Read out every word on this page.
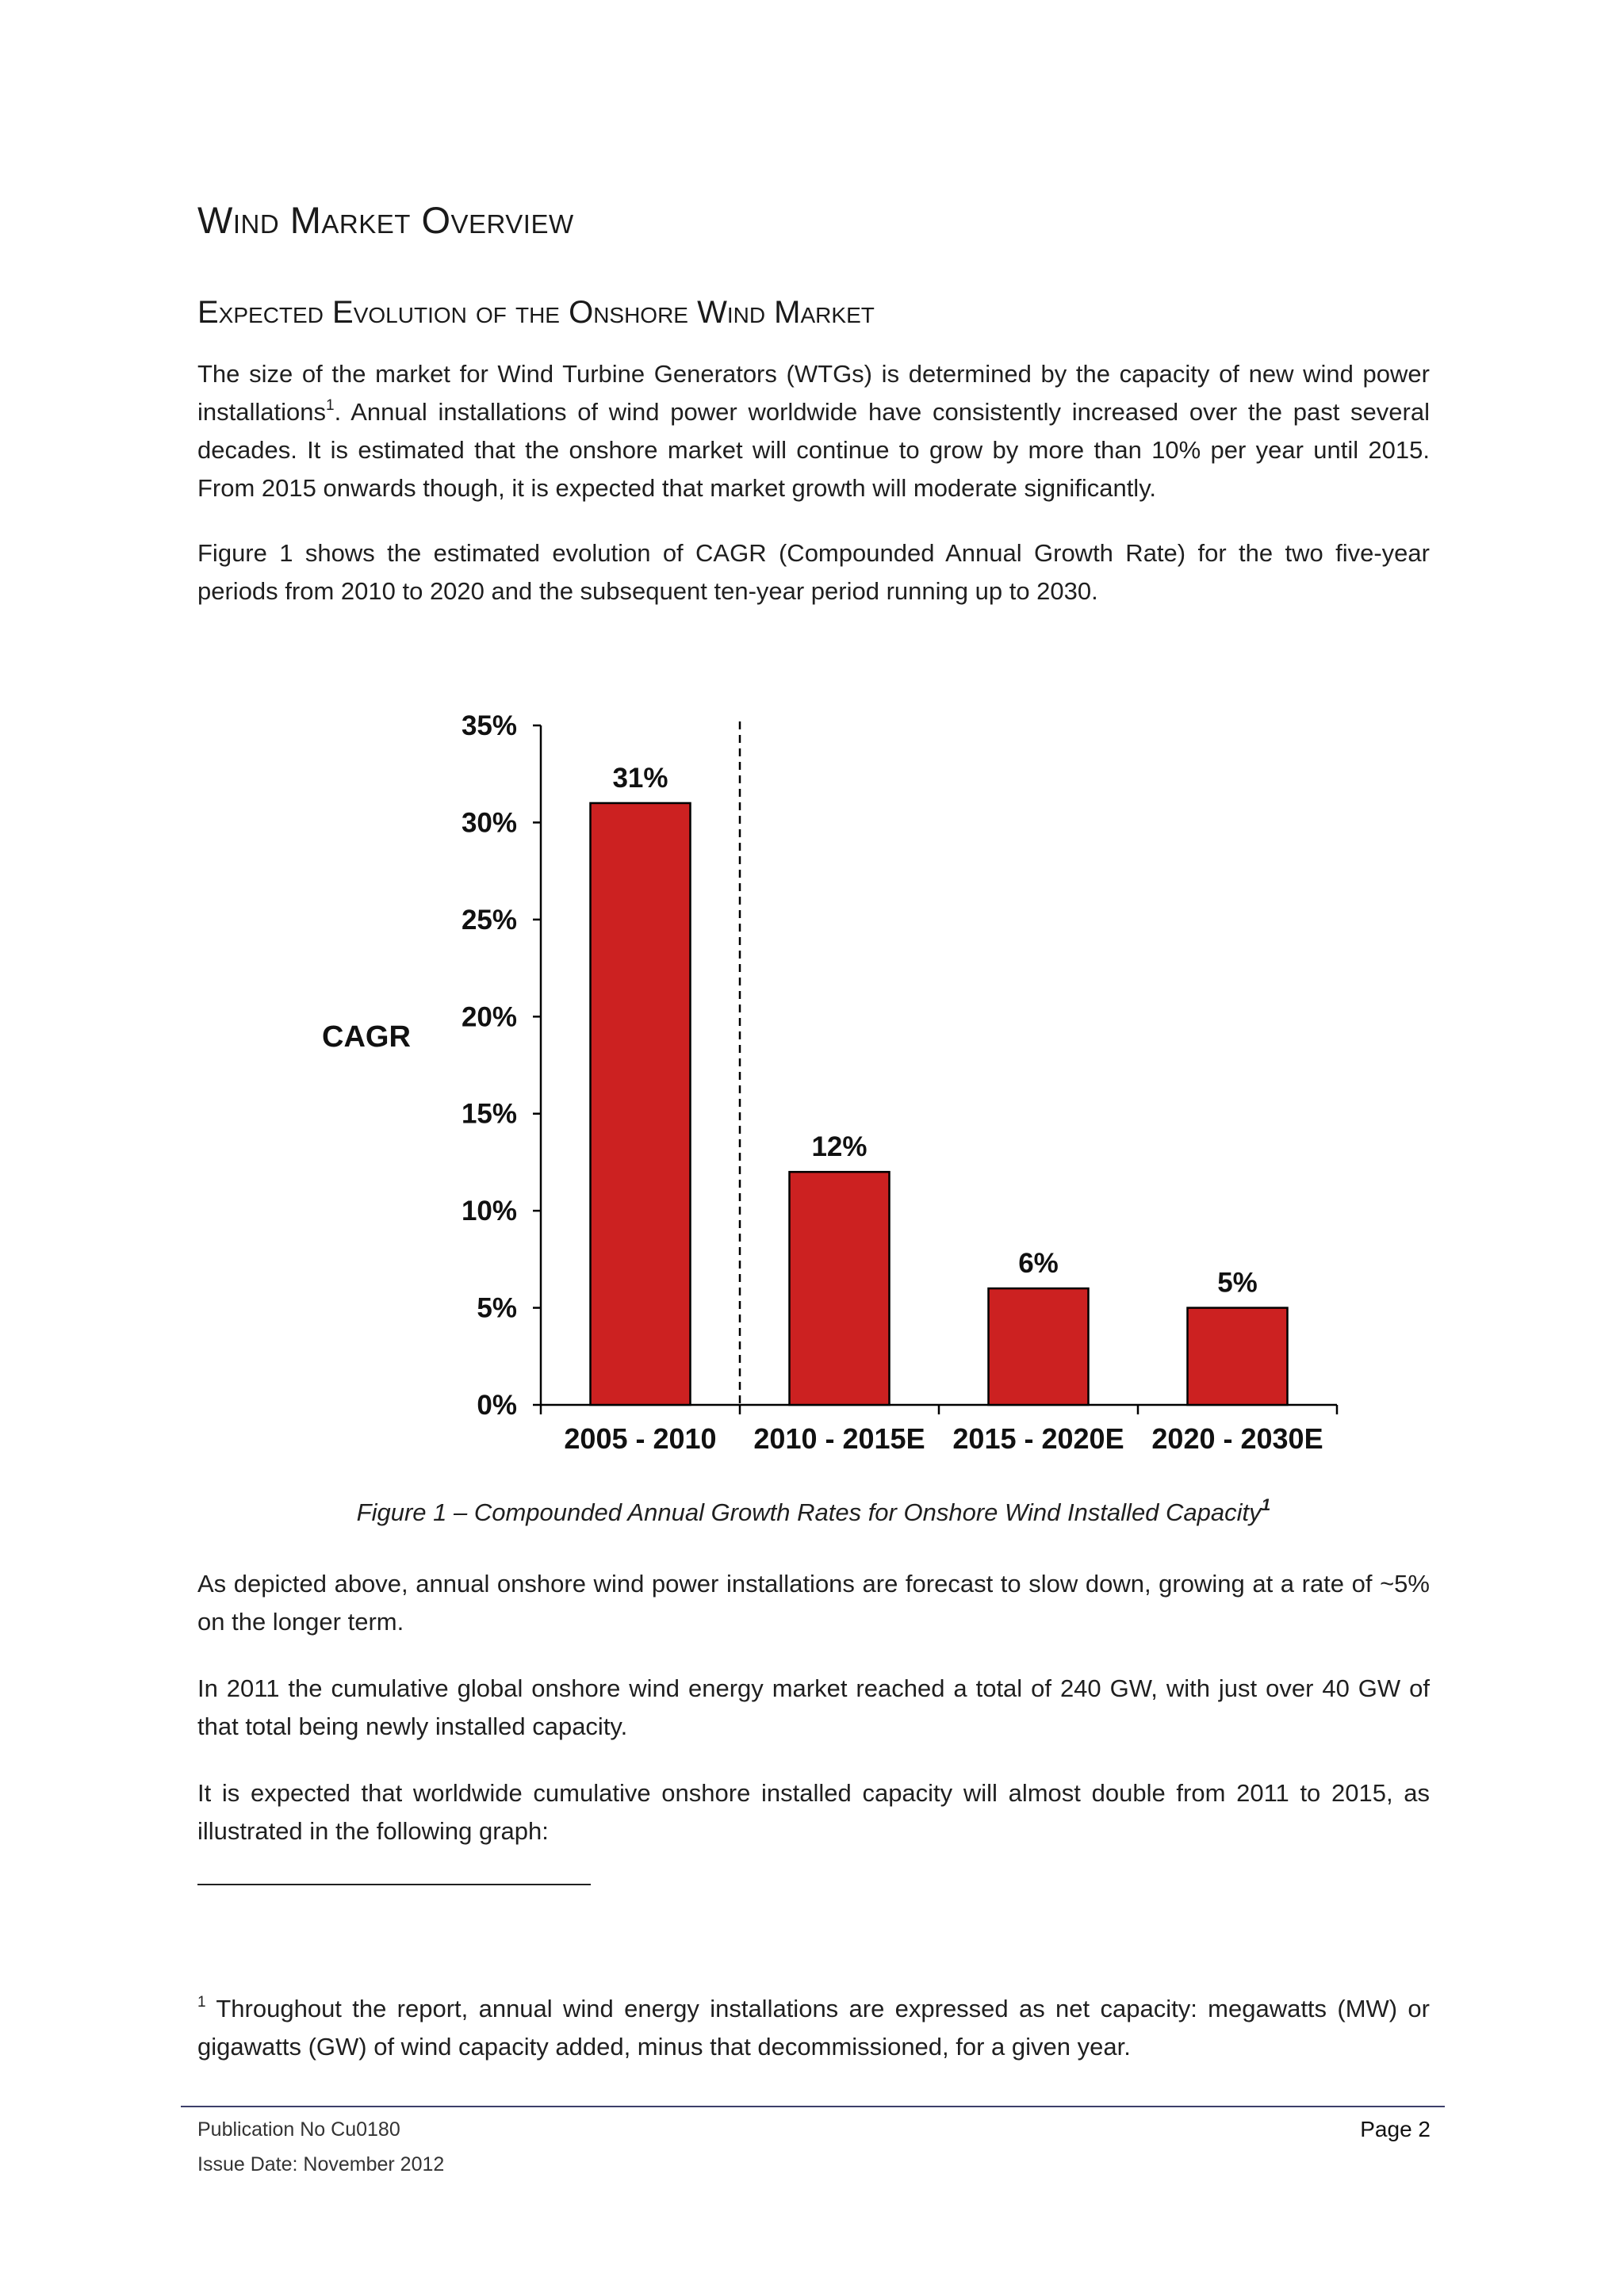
Wind Market Overview
Expected Evolution of the Onshore Wind Market
The size of the market for Wind Turbine Generators (WTGs) is determined by the capacity of new wind power installations$^1$. Annual installations of wind power worldwide have consistently increased over the past several decades. It is estimated that the onshore market will continue to grow by more than 10% per year until 2015. From 2015 onwards though, it is expected that market growth will moderate significantly.
Figure 1 shows the estimated evolution of CAGR (Compounded Annual Growth Rate) for the two five-year periods from 2010 to 2020 and the subsequent ten-year period running up to 2030.
0%
5%
10%
15%
20%
25%
30%
35%
CAGR
31%
2005 - 2010
12%
2010 - 2015E
6%
2015 - 2020E
5%
2020 - 2030E
Figure 1 – Compounded Annual Growth Rates for Onshore Wind Installed Capacity$^1$
As depicted above, annual onshore wind power installations are forecast to slow down, growing at a rate of ~5% on the longer term.
In 2011 the cumulative global onshore wind energy market reached a total of 240 GW, with just over 40 GW of that total being newly installed capacity.
It is expected that worldwide cumulative onshore installed capacity will almost double from 2011 to 2015, as illustrated in the following graph:
$^1$ Throughout the report, annual wind energy installations are expressed as net capacity: megawatts (MW) or gigawatts (GW) of wind capacity added, minus that decommissioned, for a given year.
Publication No Cu0180
Issue Date: November 2012
Page 2
